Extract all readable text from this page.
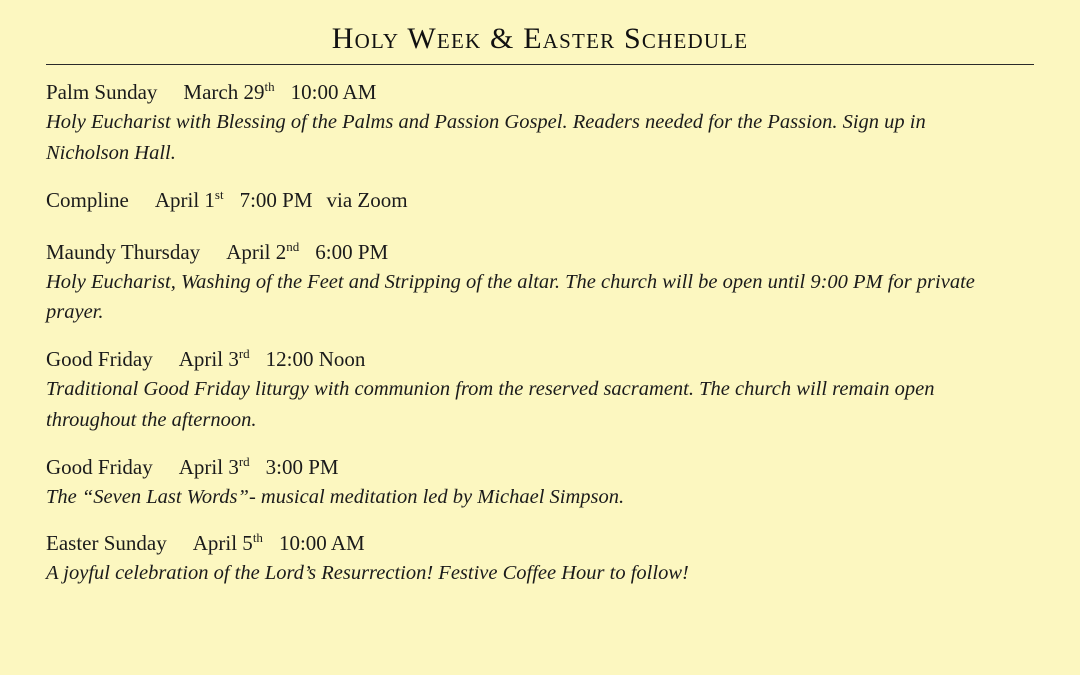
Holy Week & Easter Schedule
Palm Sunday March 29th 10:00 AM
Holy Eucharist with Blessing of the Palms and Passion Gospel. Readers needed for the Passion. Sign up in Nicholson Hall.
Compline April 1st 7:00 PM via Zoom
Maundy Thursday April 2nd 6:00 PM
Holy Eucharist, Washing of the Feet and Stripping of the altar. The church will be open until 9:00 PM for private prayer.
Good Friday April 3rd 12:00 Noon
Traditional Good Friday liturgy with communion from the reserved sacrament. The church will remain open throughout the afternoon.
Good Friday April 3rd 3:00 PM
The “Seven Last Words”- musical meditation led by Michael Simpson.
Easter Sunday April 5th 10:00 AM
A joyful celebration of the Lord’s Resurrection! Festive Coffee Hour to follow!
